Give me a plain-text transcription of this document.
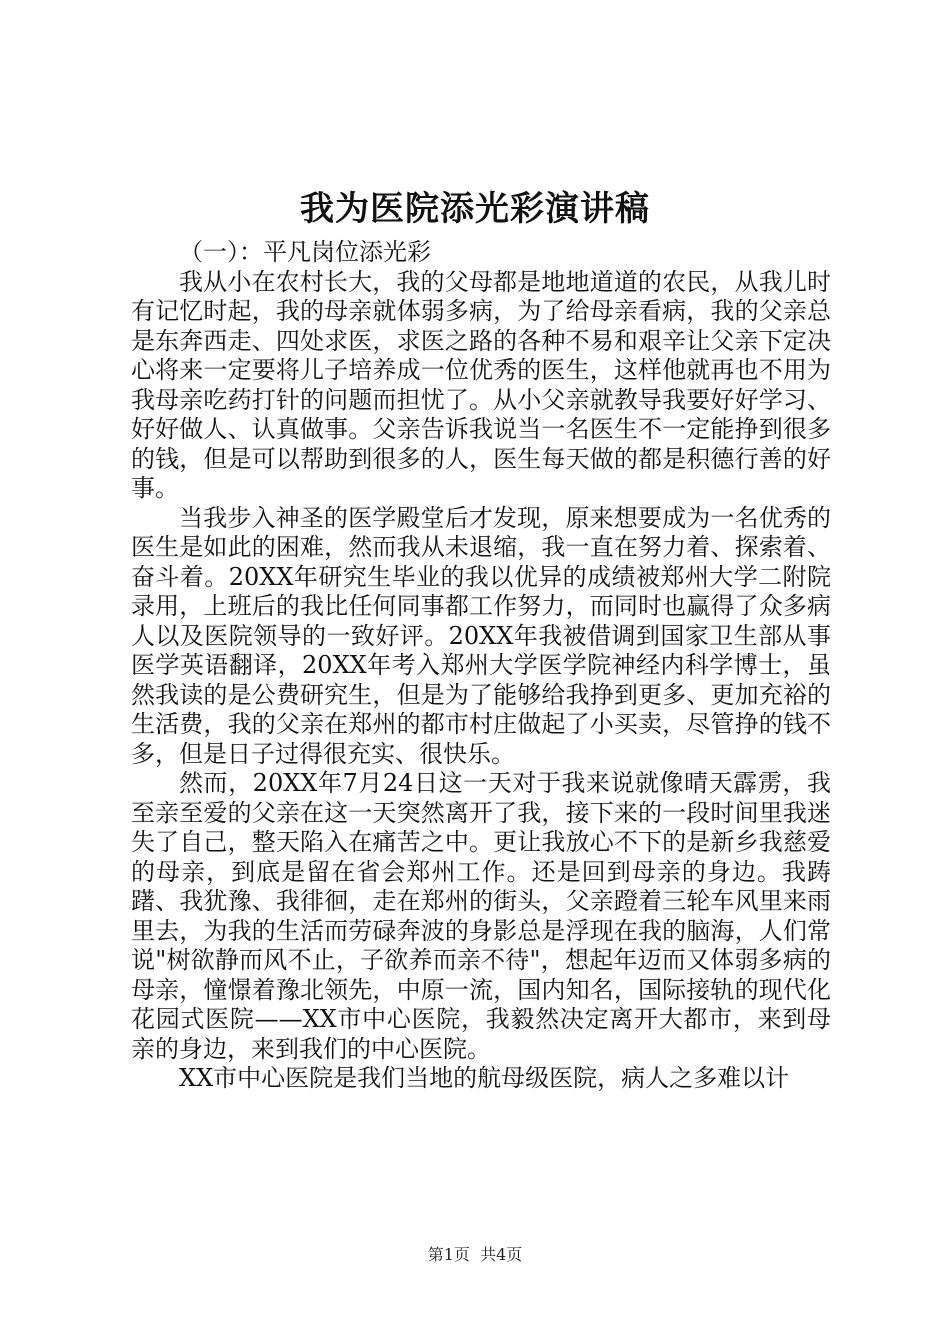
我为医院添光彩演讲稿

（一）：平凡岗位添光彩

我从小在农村长大，我的父母都是地地道道的农民，从我儿时有记忆时起，我的母亲就体弱多病，为了给母亲看病，我的父亲总是东奔西走、四处求医，求医之路的各种不易和艰辛让父亲下定决心将来一定要将儿子培养成一位优秀的医生，这样他就再也不用为我母亲吃药打针的问题而担忧了。从小父亲就教导我要好好学习、好好做人、认真做事。父亲告诉我说当一名医生不一定能挣到很多的钱，但是可以帮助到很多的人，医生每天做的都是积德行善的好事。

当我步入神圣的医学殿堂后才发现，原来想要成为一名优秀的医生是如此的困难，然而我从未退缩，我一直在努力着、探索着、奋斗着。20XX年研究生毕业的我以优异的成绩被郑州大学二附院录用，上班后的我比任何同事都工作努力，而同时也赢得了众多病人以及医院领导的一致好评。20XX年我被借调到国家卫生部从事医学英语翻译，20XX年考入郑州大学医学院神经内科学博士，虽然我读的是公费研究生，但是为了能够给我挣到更多、更加充裕的生活费，我的父亲在郑州的都市村庄做起了小买卖，尽管挣的钱不多，但是日子过得很充实、很快乐。

然而，20XX年7月24日这一天对于我来说就像晴天霹雳，我至亲至爱的父亲在这一天突然离开了我，接下来的一段时间里我迷失了自己，整天陷入在痛苦之中。更让我放心不下的是新乡我慈爱的母亲，到底是留在省会郑州工作。还是回到母亲的身边。我踌躇、我犹豫、我徘徊，走在郑州的街头，父亲蹬着三轮车风里来雨里去，为我的生活而劳碌奔波的身影总是浮现在我的脑海，人们常说"树欲静而风不止，子欲养而亲不待"，想起年迈而又体弱多病的母亲，憧憬着豫北领先，中原一流，国内知名，国际接轨的现代化花园式医院——XX市中心医院，我毅然决定离开大都市，来到母亲的身边，来到我们的中心医院。

XX市中心医院是我们当地的航母级医院，病人之多难以计

第1页 共4页
